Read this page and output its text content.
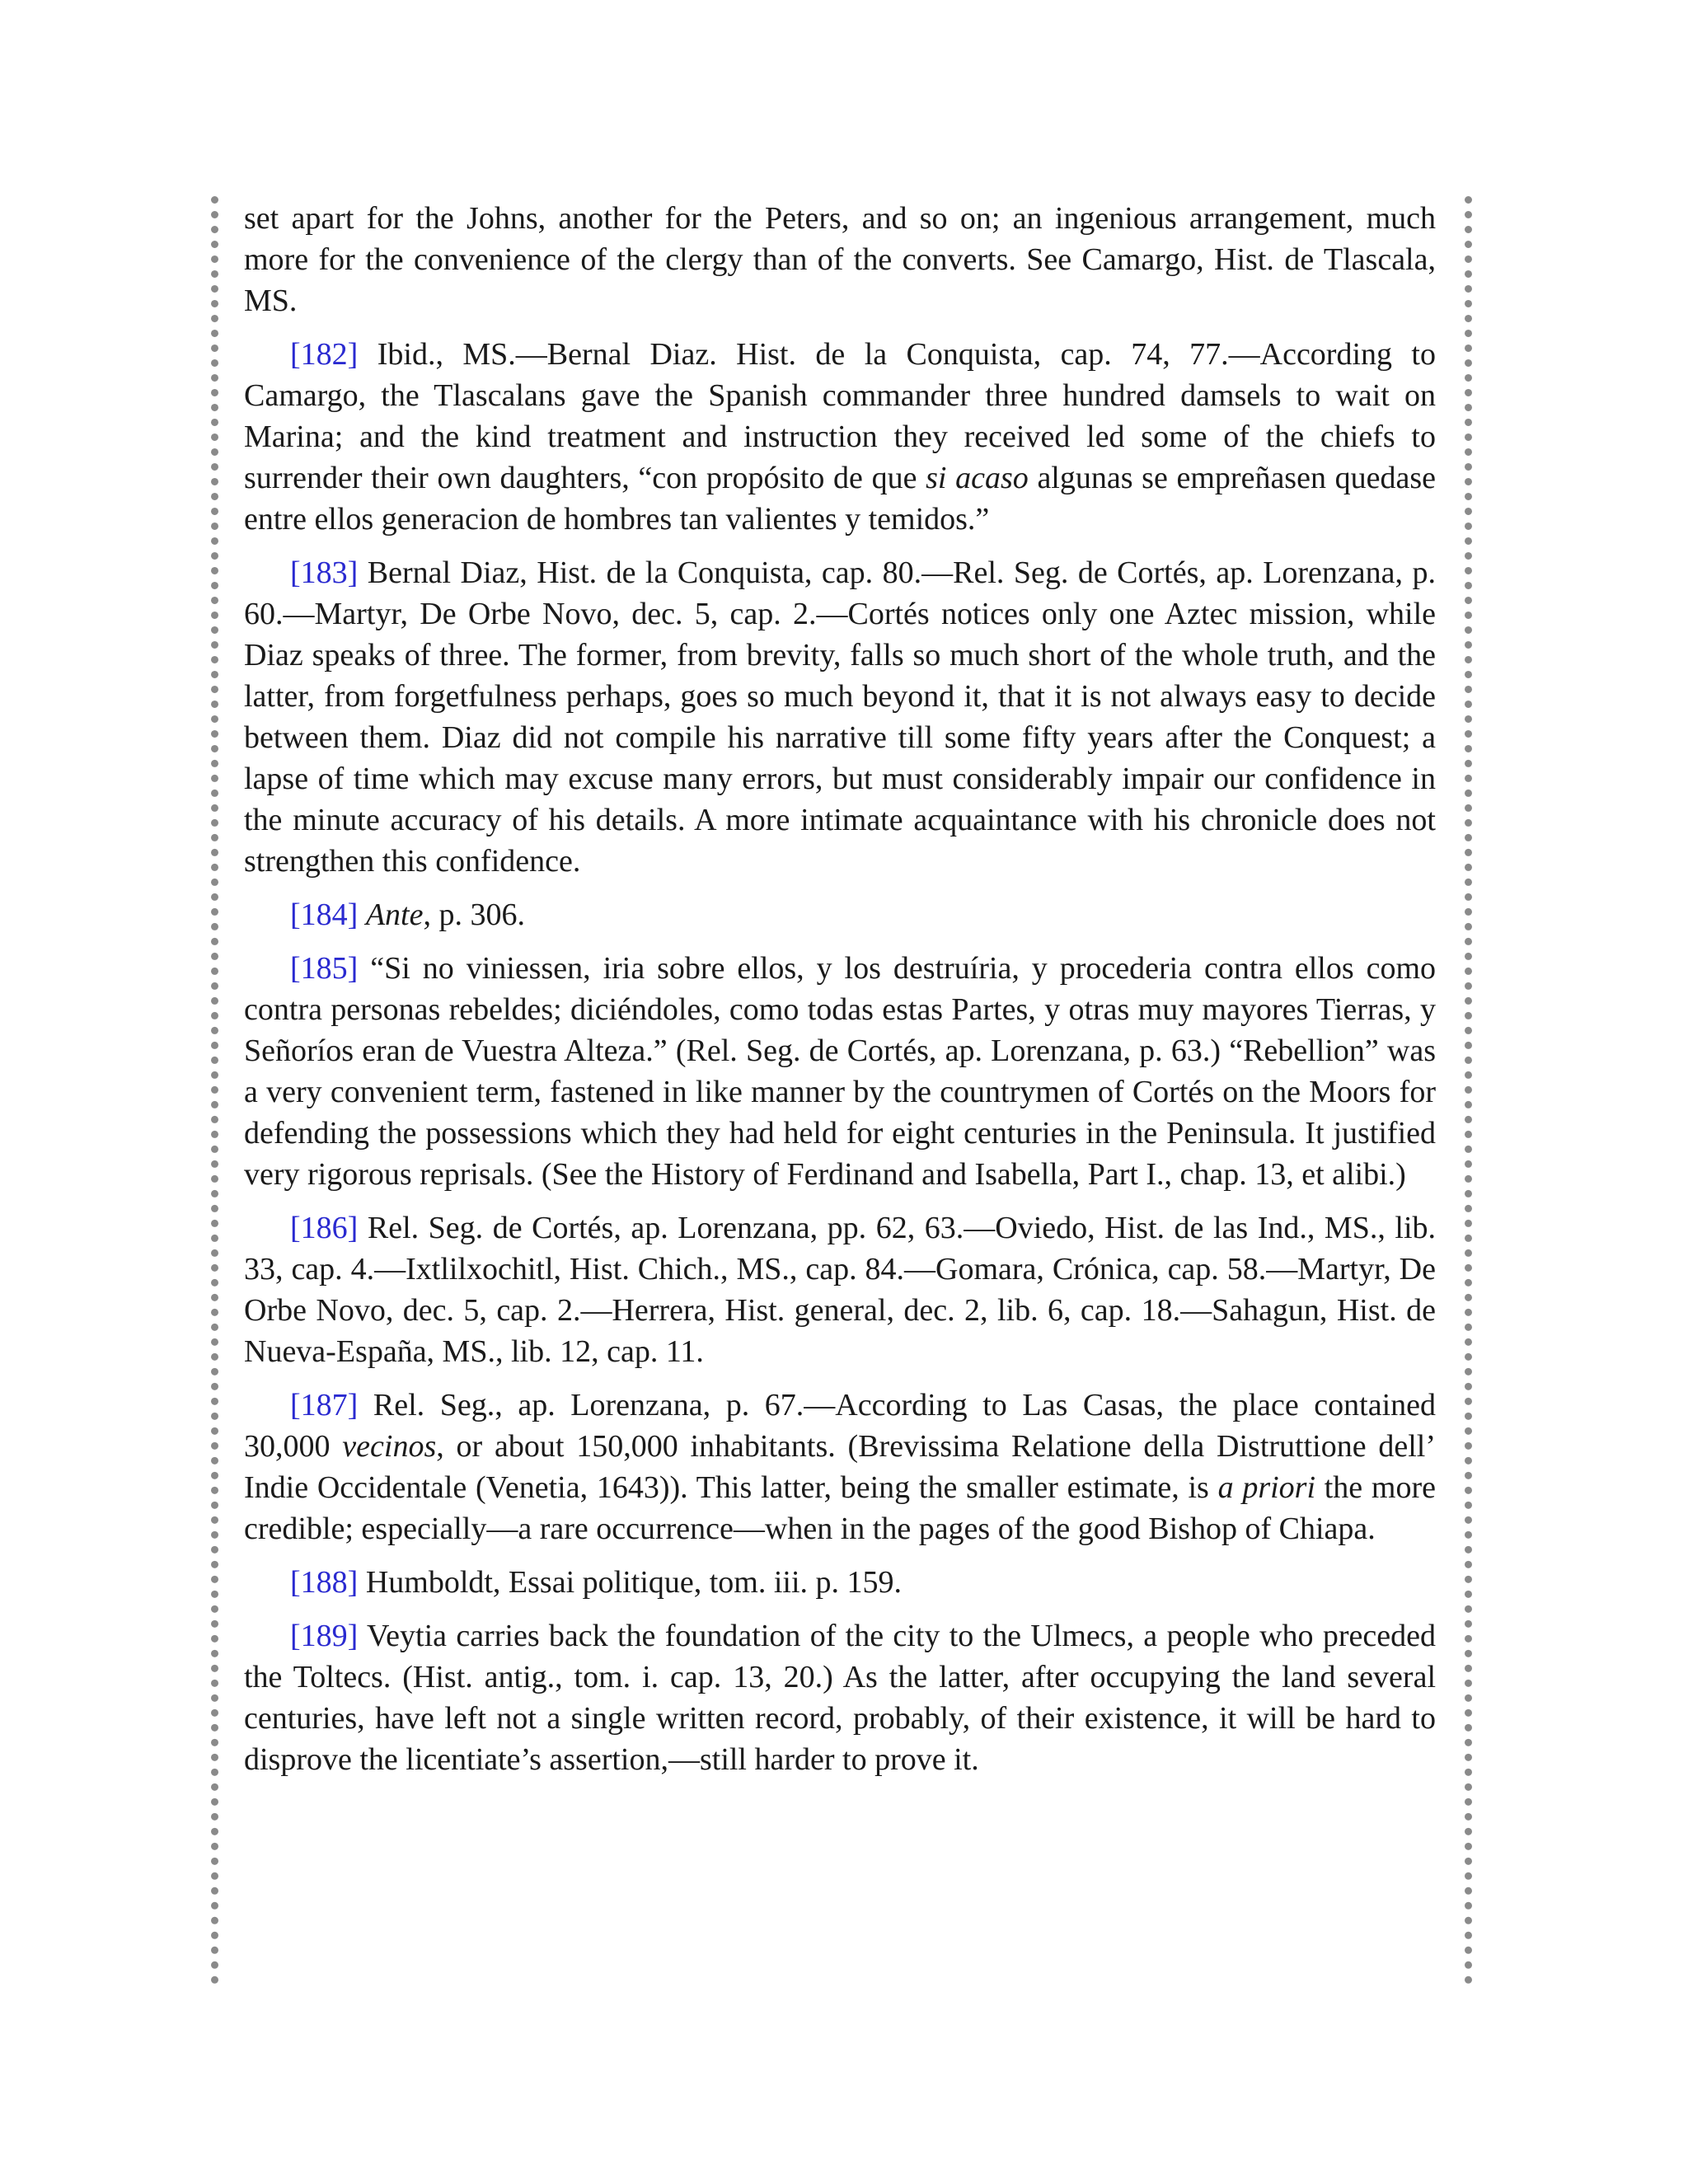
set apart for the Johns, another for the Peters, and so on; an ingenious arrangement, much more for the convenience of the clergy than of the converts. See Camargo, Hist. de Tlascala, MS.

[182] Ibid., MS.—Bernal Diaz. Hist. de la Conquista, cap. 74, 77.—According to Camargo, the Tlascalans gave the Spanish commander three hundred damsels to wait on Marina; and the kind treatment and instruction they received led some of the chiefs to surrender their own daughters, “con propósito de que si acaso algunas se empreñasen quedase entre ellos generacion de hombres tan valientes y temidos.”

[183] Bernal Diaz, Hist. de la Conquista, cap. 80.—Rel. Seg. de Cortés, ap. Lorenzana, p. 60.—Martyr, De Orbe Novo, dec. 5, cap. 2.—Cortés notices only one Aztec mission, while Diaz speaks of three. The former, from brevity, falls so much short of the whole truth, and the latter, from forgetfulness perhaps, goes so much beyond it, that it is not always easy to decide between them. Diaz did not compile his narrative till some fifty years after the Conquest; a lapse of time which may excuse many errors, but must considerably impair our confidence in the minute accuracy of his details. A more intimate acquaintance with his chronicle does not strengthen this confidence.

[184] Ante, p. 306.

[185] “Si no viniessen, iria sobre ellos, y los destruíria, y procederia contra ellos como contra personas rebeldes; diciéndoles, como todas estas Partes, y otras muy mayores Tierras, y Señoríos eran de Vuestra Alteza.” (Rel. Seg. de Cortés, ap. Lorenzana, p. 63.) “Rebellion” was a very convenient term, fastened in like manner by the countrymen of Cortés on the Moors for defending the possessions which they had held for eight centuries in the Peninsula. It justified very rigorous reprisals. (See the History of Ferdinand and Isabella, Part I., chap. 13, et alibi.)

[186] Rel. Seg. de Cortés, ap. Lorenzana, pp. 62, 63.—Oviedo, Hist. de las Ind., MS., lib. 33, cap. 4.—Ixtlilxochitl, Hist. Chich., MS., cap. 84.—Gomara, Crónica, cap. 58.—Martyr, De Orbe Novo, dec. 5, cap. 2.—Herrera, Hist. general, dec. 2, lib. 6, cap. 18.—Sahagun, Hist. de Nueva-España, MS., lib. 12, cap. 11.

[187] Rel. Seg., ap. Lorenzana, p. 67.—According to Las Casas, the place contained 30,000 vecinos, or about 150,000 inhabitants. (Brevissima Relatione della Distruttione dell’ Indie Occidentale (Venetia, 1643)). This latter, being the smaller estimate, is a priori the more credible; especially—a rare occurrence—when in the pages of the good Bishop of Chiapa.

[188] Humboldt, Essai politique, tom. iii. p. 159.

[189] Veytia carries back the foundation of the city to the Ulmecs, a people who preceded the Toltecs. (Hist. antig., tom. i. cap. 13, 20.) As the latter, after occupying the land several centuries, have left not a single written record, probably, of their existence, it will be hard to disprove the licentiate’s assertion,—still harder to prove it.
